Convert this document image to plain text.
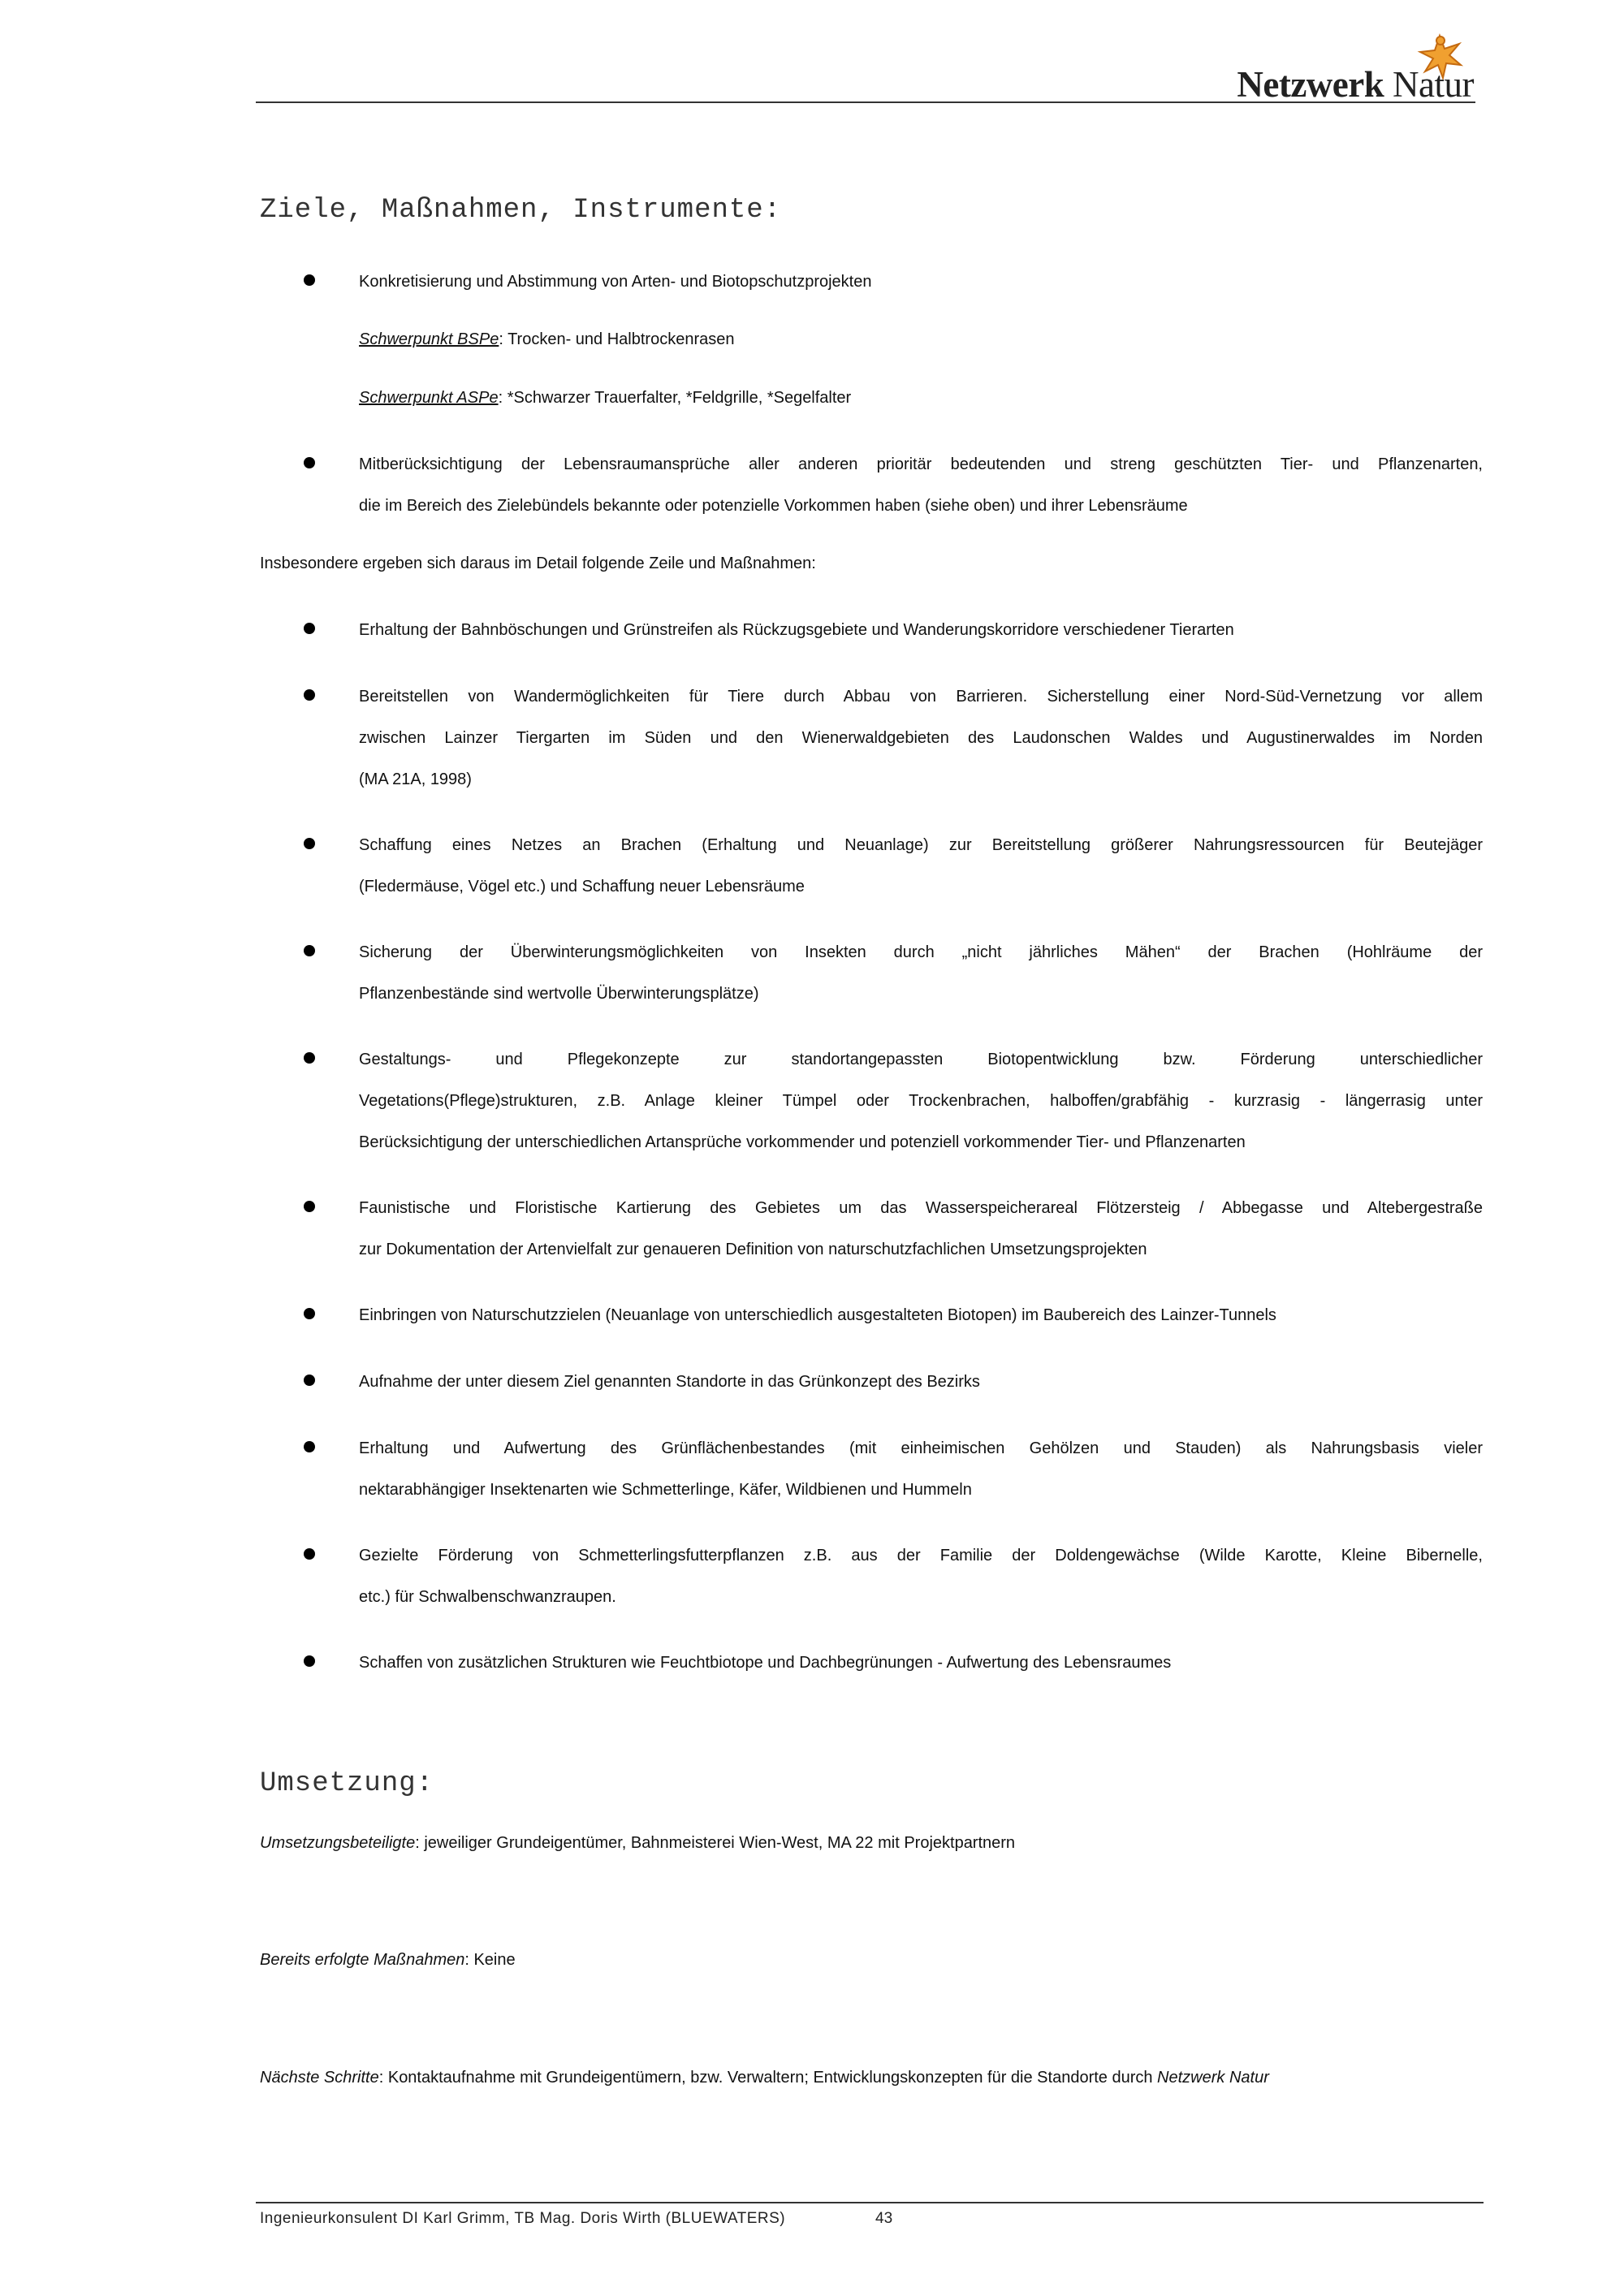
Netzwerk Natur
Ziele, Maßnahmen, Instrumente:
Konkretisierung und Abstimmung von Arten- und Biotopschutzprojekten
Schwerpunkt BSPe: Trocken- und Halbtrockenrasen
Schwerpunkt ASPe: *Schwarzer Trauerfalter, *Feldgrille, *Segelfalter
Mitberücksichtigung der Lebensraumansprüche aller anderen prioritär bedeutenden und streng geschützten Tier- und Pflanzenarten,
die im Bereich des Zielebündels bekannte oder potenzielle Vorkommen haben (siehe oben) und ihrer Lebensräume
Insbesondere ergeben sich daraus im Detail folgende Zeile und Maßnahmen:
Erhaltung der Bahnböschungen und Grünstreifen als Rückzugsgebiete und Wanderungskorridore verschiedener Tierarten
Bereitstellen von Wandermöglichkeiten für Tiere durch Abbau von Barrieren. Sicherstellung einer Nord-Süd-Vernetzung vor allem
zwischen Lainzer Tiergarten im Süden und den Wienerwaldgebieten des Laudonschen Waldes und Augustinerwaldes im Norden
(MA 21A, 1998)
Schaffung eines Netzes an Brachen (Erhaltung und Neuanlage) zur Bereitstellung größerer Nahrungsressourcen für Beutejäger
(Fledermäuse, Vögel etc.) und Schaffung neuer Lebensräume
Sicherung der Überwinterungsmöglichkeiten von Insekten durch „nicht jährliches Mähen“ der Brachen (Hohlräume der
Pflanzenbestände sind wertvolle Überwinterungsplätze)
Gestaltungs- und Pflegekonzepte zur standortangepassten Biotopentwicklung bzw. Förderung unterschiedlicher
Vegetations(Pflege)strukturen, z.B. Anlage kleiner Tümpel oder Trockenbrachen, halboffen/grabfähig - kurzrasig - längerrasig unter
Berücksichtigung der unterschiedlichen Artansprüche vorkommender und potenziell vorkommender Tier- und Pflanzenarten
Faunistische und Floristische Kartierung des Gebietes um das Wasserspeicherareal Flötzersteig / Abbegasse und Altebergestraße
zur Dokumentation der Artenvielfalt zur genaueren Definition von naturschutzfachlichen Umsetzungsprojekten
Einbringen von Naturschutzzielen (Neuanlage von unterschiedlich ausgestalteten Biotopen) im Baubereich des Lainzer-Tunnels
Aufnahme der unter diesem Ziel genannten Standorte in das Grünkonzept des Bezirks
Erhaltung und Aufwertung des Grünflächenbestandes (mit einheimischen Gehölzen und Stauden) als Nahrungsbasis vieler
nektarabhängiger Insektenarten wie Schmetterlinge, Käfer, Wildbienen und Hummeln
Gezielte Förderung von Schmetterlingsfutterpflanzen z.B. aus der Familie der Doldengewächse (Wilde Karotte, Kleine Bibernelle,
etc.) für Schwalbenschwanzraupen.
Schaffen von zusätzlichen Strukturen wie Feuchtbiotope und Dachbegrünungen - Aufwertung des Lebensraumes
Umsetzung:
Umsetzungsbeteiligte: jeweiliger Grundeigentümer, Bahnmeisterei Wien-West, MA 22 mit Projektpartnern
Bereits erfolgte Maßnahmen: Keine
Nächste Schritte: Kontaktaufnahme mit Grundeigentümern, bzw. Verwaltern; Entwicklungskonzepten für die Standorte durch Netzwerk Natur
Ingenieurkonsulent DI Karl Grimm, TB Mag. Doris Wirth (BLUEWATERS)	43
